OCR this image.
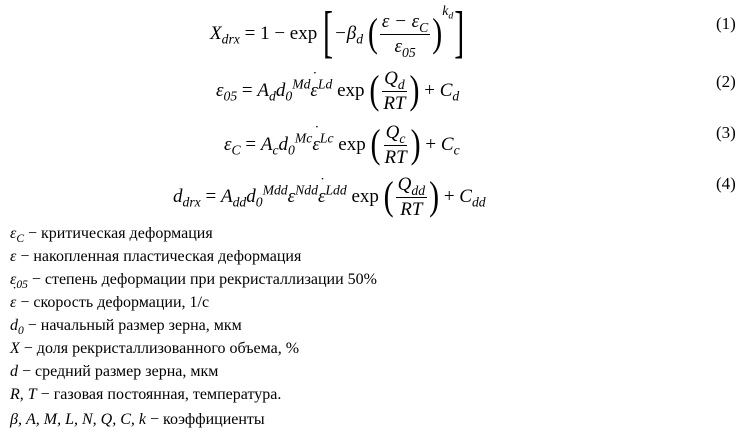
$X_{drx} = 1 - \exp [-\beta_d$ ( $\frac{\varepsilon - \varepsilon_C}{\varepsilon_{05}} )^{k_d}$]	(1)
$\varepsilon_{05} = A_dd_0^{Md}\varepsilon$ ˙$^{Ld}$ exp ( $\frac{Q_d}{RT}$ ) + $C_d$
(2)
$\varepsilon_C = A_cd_0^{Mc}\varepsilon$ ˙$^{Lc}$ exp ( $\frac{Q_c}{RT}$ ) + $C_c$
(3)
$d_{drx} = A_{dd}d_0^{Mdd}\varepsilon^{Ndd}\varepsilon$ ˙$^{Ldd}$ exp ( $\frac{Q_{dd}}{RT}$ ) + $C_{dd}$
(4)
$\varepsilon_C$ − критическая деформация
ε − накопленная пластическая деформация
$\varepsilon_{05}$ − степень деформации при рекристаллизации 50%
ε ˙ − скорость деформации, 1/с
$d_0$ − начальный размер зерна, мкм
X − доля рекристаллизованного объема, %
d − средний размер зерна, мкм
R, T − газовая постоянная, температура.
β, A, M, L, N, Q, C, k − коэффициенты
